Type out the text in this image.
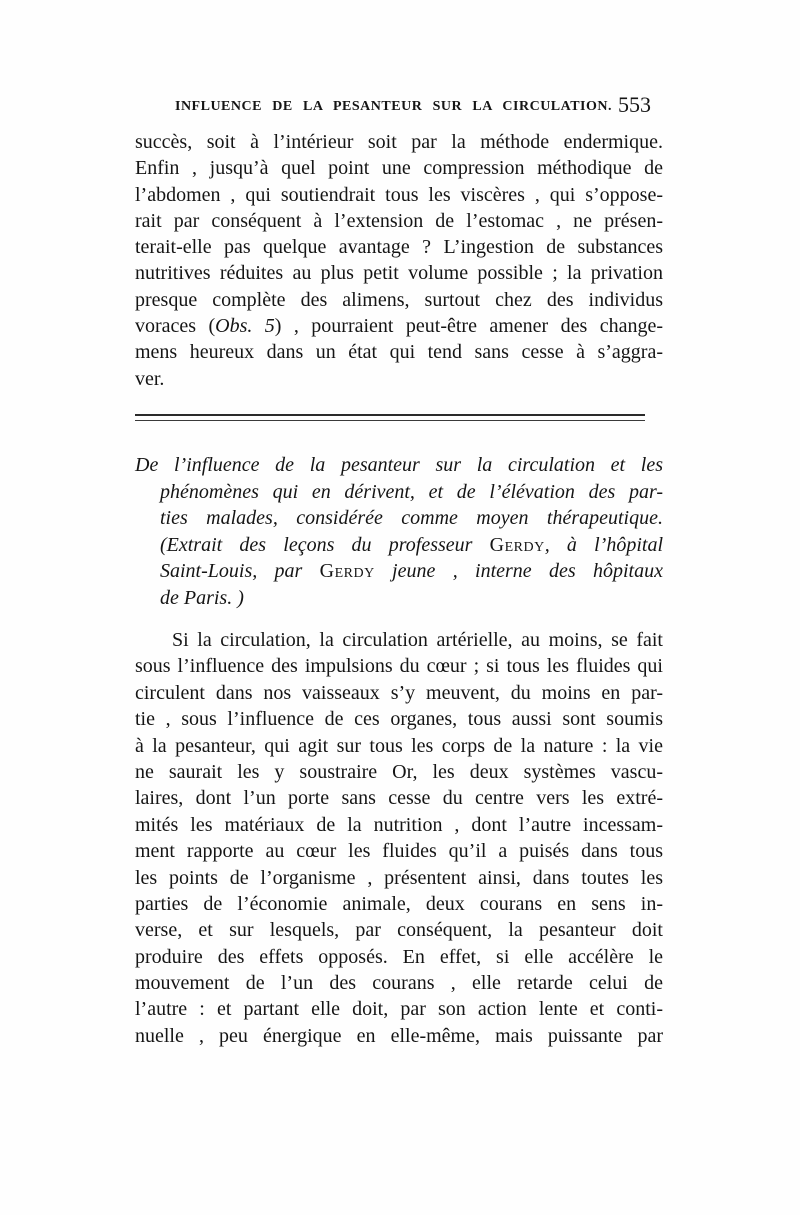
INFLUENCE DE LA PESANTEUR SUR LA CIRCULATION. 553
succès, soit à l’intérieur soit par la méthode endermique.
Enfin , jusqu’à quel point une compression méthodique de
l’abdomen , qui soutiendrait tous les viscères , qui s’oppose-
rait par conséquent à l’extension de l’estomac , ne présen-
terait-elle pas quelque avantage ? L’ingestion de substances
nutritives réduites au plus petit volume possible ; la privation
presque complète des alimens, surtout chez des individus
voraces (Obs. 5) , pourraient peut-être amener des change-
mens heureux dans un état qui tend sans cesse à s’aggra-
ver.
De l’influence de la pesanteur sur la circulation et les
phénomènes qui en dérivent, et de l’élévation des par-
ties malades, considérée comme moyen thérapeutique.
(Extrait des leçons du professeur Gerdy, à l’hôpital
Saint-Louis, par Gerdy jeune , interne des hôpitaux
de Paris. )
Si la circulation, la circulation artérielle, au moins, se fait
sous l’influence des impulsions du cœur ; si tous les fluides qui
circulent dans nos vaisseaux s’y meuvent, du moins en par-
tie , sous l’influence de ces organes, tous aussi sont soumis
à la pesanteur, qui agit sur tous les corps de la nature : la vie
ne saurait les y soustraire Or, les deux systèmes vascu-
laires, dont l’un porte sans cesse du centre vers les extré-
mités les matériaux de la nutrition , dont l’autre incessam-
ment rapporte au cœur les fluides qu’il a puisés dans tous
les points de l’organisme , présentent ainsi, dans toutes les
parties de l’économie animale, deux courans en sens in-
verse, et sur lesquels, par conséquent, la pesanteur doit
produire des effets opposés. En effet, si elle accélère le
mouvement de l’un des courans , elle retarde celui de
l’autre : et partant elle doit, par son action lente et conti-
nuelle , peu énergique en elle-même, mais puissante par
